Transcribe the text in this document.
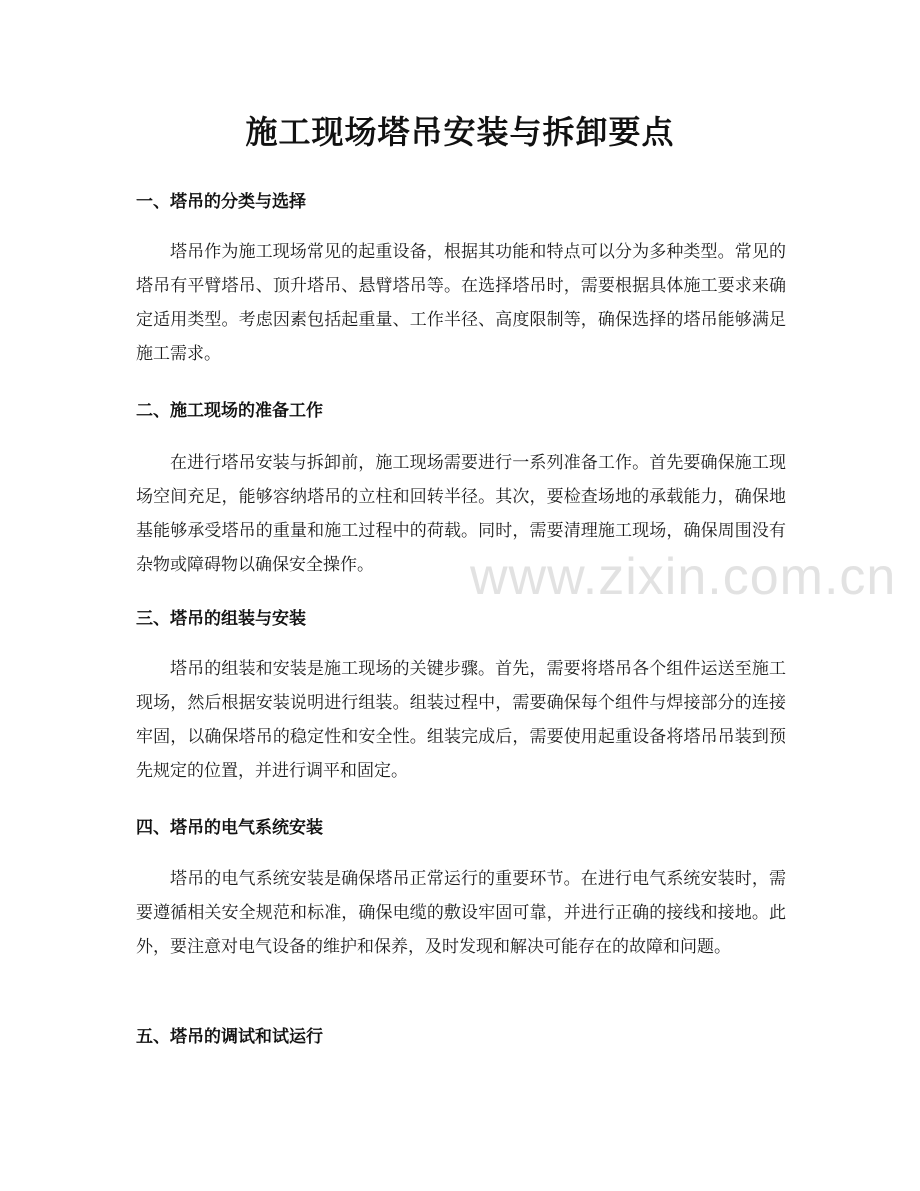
施工现场塔吊安装与拆卸要点
一、塔吊的分类与选择

塔吊作为施工现场常见的起重设备，根据其功能和特点可以分为多种类型。常见的塔吊有平臂塔吊、顶升塔吊、悬臂塔吊等。在选择塔吊时，需要根据具体施工要求来确定适用类型。考虑因素包括起重量、工作半径、高度限制等，确保选择的塔吊能够满足施工需求。

二、施工现场的准备工作

在进行塔吊安装与拆卸前，施工现场需要进行一系列准备工作。首先要确保施工现场空间充足，能够容纳塔吊的立柱和回转半径。其次，要检查场地的承载能力，确保地基能够承受塔吊的重量和施工过程中的荷载。同时，需要清理施工现场，确保周围没有杂物或障碍物以确保安全操作。

三、塔吊的组装与安装

塔吊的组装和安装是施工现场的关键步骤。首先，需要将塔吊各个组件运送至施工现场，然后根据安装说明进行组装。组装过程中，需要确保每个组件与焊接部分的连接牢固，以确保塔吊的稳定性和安全性。组装完成后，需要使用起重设备将塔吊吊装到预先规定的位置，并进行调平和固定。

四、塔吊的电气系统安装

塔吊的电气系统安装是确保塔吊正常运行的重要环节。在进行电气系统安装时，需要遵循相关安全规范和标准，确保电缆的敷设牢固可靠，并进行正确的接线和接地。此外，要注意对电气设备的维护和保养，及时发现和解决可能存在的故障和问题。

五、塔吊的调试和试运行
www.zixin.com.cn
